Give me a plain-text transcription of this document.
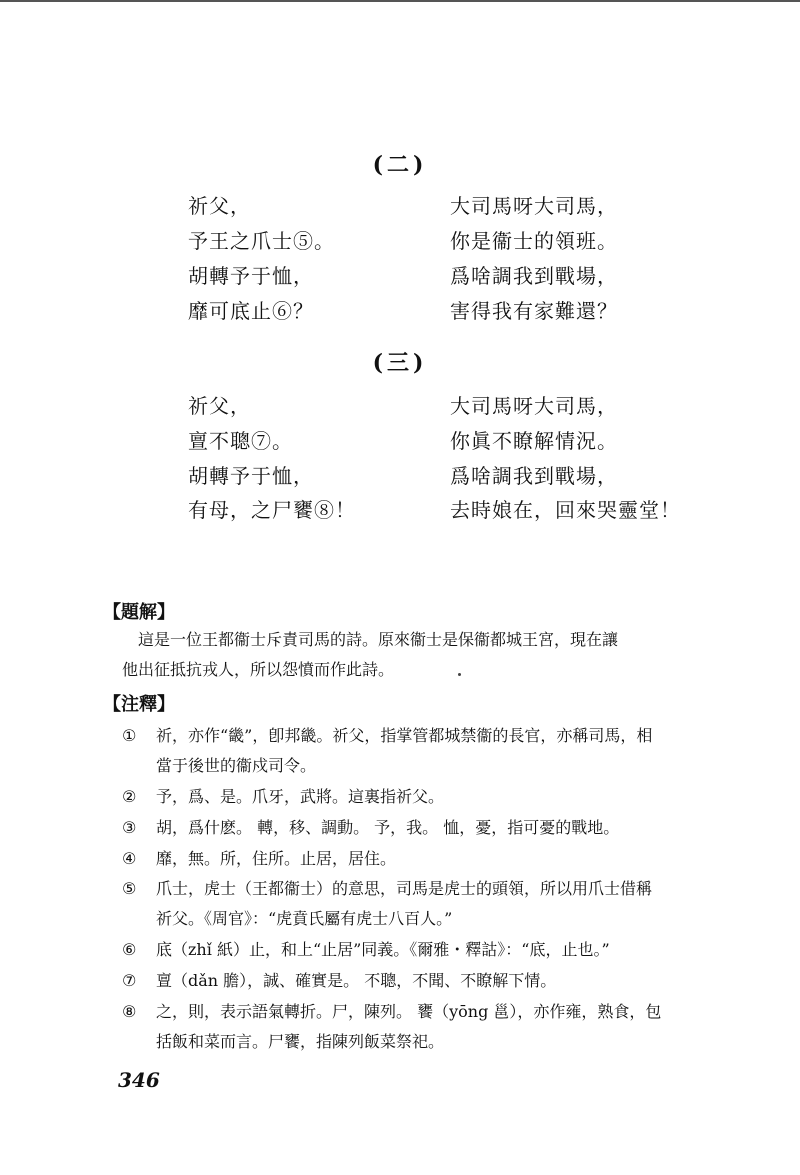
(二)
祈父，
予王之爪士⑤。
胡轉予于恤，
靡可底止⑥？
大司馬呀大司馬，
你是衞士的領班。
爲啥調我到戰場，
害得我有家難還？
(三)
祈父，
亶不聰⑦。
胡轉予于恤，
有母，之尸饔⑧！
大司馬呀大司馬，
你眞不瞭解情況。
爲啥調我到戰場，
去時娘在，回來哭靈堂！
【題解】
　這是一位王都衞士斥責司馬的詩。原來衞士是保衞都城王宮，現在讓
他出征抵抗戎人，所以怨憤而作此詩。
【注釋】
① 祈，亦作“畿”，卽邦畿。祈父，指掌管都城禁衞的長官，亦稱司馬，相
當于後世的衞戍司令。
② 予，爲、是。爪牙，武將。這裏指祈父。
③ 胡，爲什麽。 轉，移、調動。 予，我。 恤，憂，指可憂的戰地。
④ 靡，無。所，住所。止居，居住。
⑤ 爪士，虎士（王都衞士）的意思，司馬是虎士的頭領，所以用爪士借稱
祈父。《周官》：“虎賁氏屬有虎士八百人。”
⑥ 底（zhǐ 紙）止，和上“止居”同義。《爾雅・釋詁》：“底，止也。”
⑦ 亶（dǎn 膽），誠、確實是。 不聰，不聞、不瞭解下情。
⑧ 之，則，表示語氣轉折。尸，陳列。 饔（yōng 邕），亦作雍，熟食，包
括飯和菜而言。尸饔，指陳列飯菜祭祀。
346
